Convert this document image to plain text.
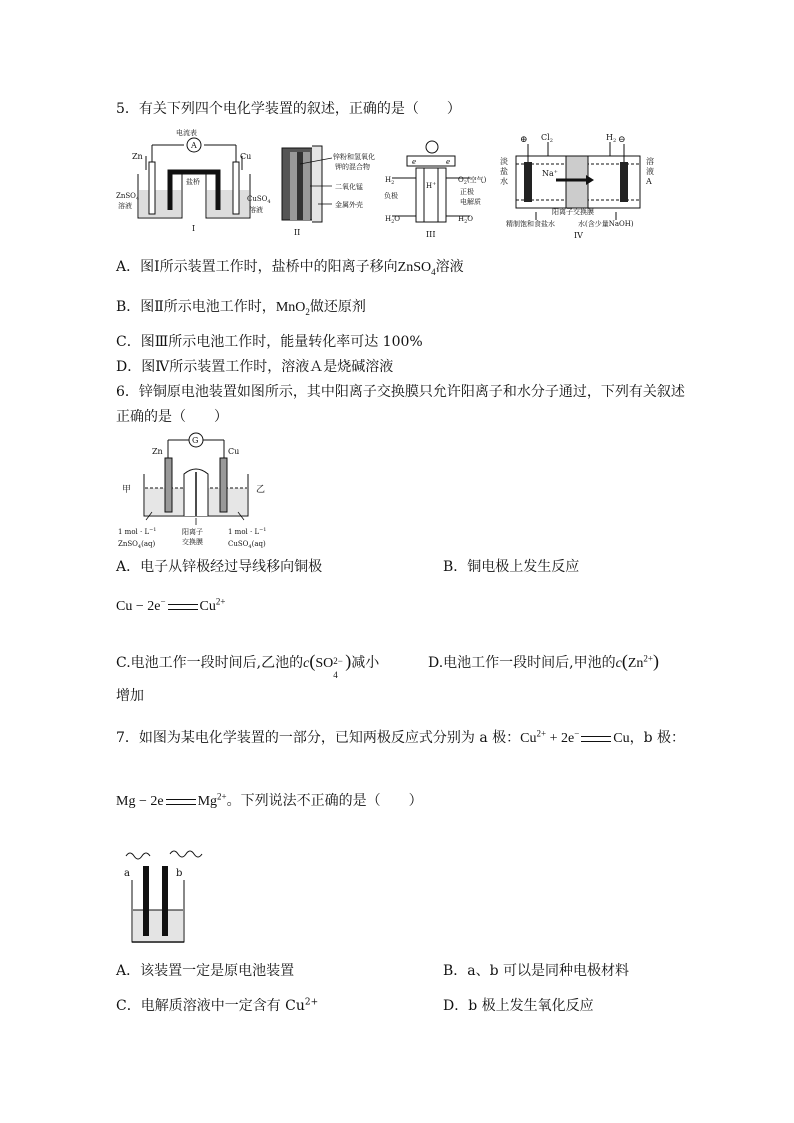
5．有关下列四个电化学装置的叙述，正确的是（　　）
电流表
A
Zn	Cu
盐桥
ZnSO$_4$
溶液
CuSO$_4$
溶液
I
锌粉和氢氧化
钾的混合物
二氧化锰
金属外壳
II
e	e
$H_2$	H+	$O_2$(空气)
负极	正极
电解质
$H_2O$	$H_2O$
III
⊕ $Cl_2$	$H_2$ ⊖
淡
盐
水
溶
液
A
Na+
阳离子交换膜
精制饱和食盐水	水(含少量NaOH)
IV
A．图Ⅰ所示装置工作时，盐桥中的阳离子移向ZnSO$_4$溶液
B．图Ⅱ所示电池工作时，MnO$_2$做还原剂
C．图Ⅲ所示电池工作时，能量转化率可达 100%
D．图Ⅳ所示装置工作时，溶液Ａ是烧碱溶液
6．锌铜原电池装置如图所示，其中阳离子交换膜只允许阳离子和水分子通过，下列有关叙述
正确的是（　　）
G
Zn	Cu
甲	乙
1 mol · $L^{-1}$
ZnSO$_4$(aq)
阳离子
交换膜
1 mol · $L^{-1}$
CuSO$_4$(aq)
A．电子从锌极经过导线移向铜极	B．铜电极上发生反应
Cu − 2e− $Cu^{2+}$
C.电池工作一段时间后,乙池的c(SO 2−
4
)减小	D.电池工作一段时间后,甲池的$c(Zn^{2+})$
增加
7．如图为某电化学装置的一部分，已知两极反应式分别为 a 极：$Cu^{2+} + 2e^-$ Cu，b 极：
Mg − 2e $Mg^{2+}$。下列说法不正确的是（　　）
a	b
A．该装置一定是原电池装置	B．a、b 可以是同种电极材料
C．电解质溶液中一定含有 $Cu^{2+}$	D．b 极上发生氧化反应
